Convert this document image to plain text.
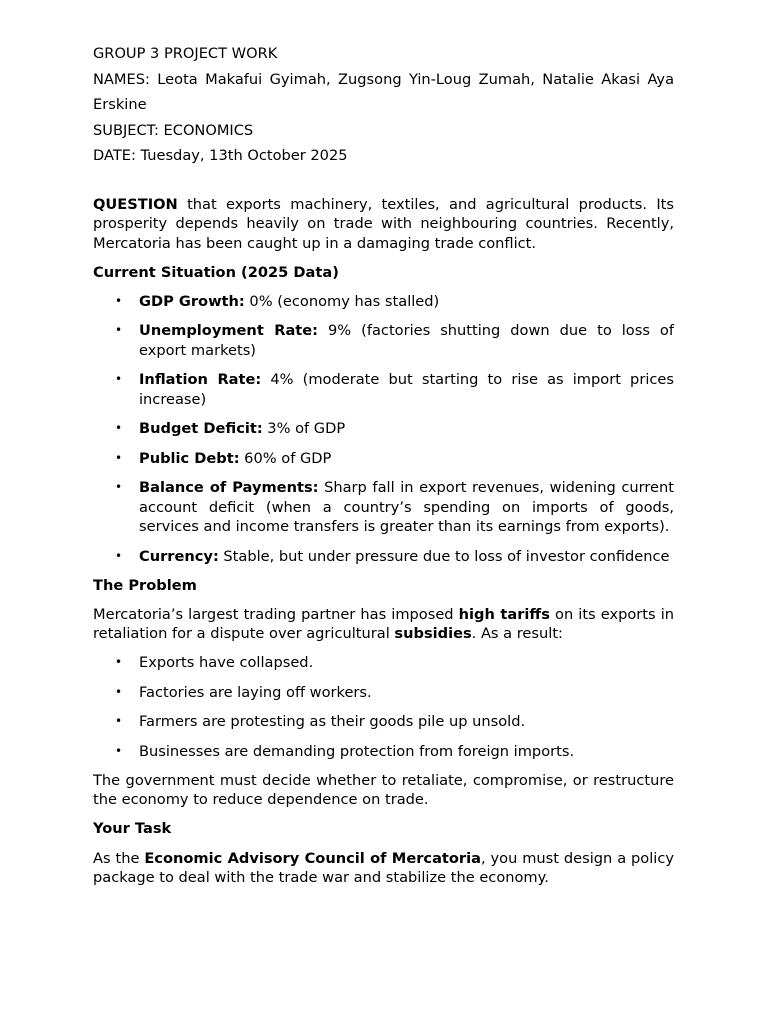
GROUP 3 PROJECT WORK

NAMES: Leota Makafui Gyimah, Zugsong Yin-Loug Zumah, Natalie Akasi Aya Erskine

SUBJECT: ECONOMICS

DATE: Tuesday, 13th October 2025

QUESTION that exports machinery, textiles, and agricultural products. Its prosperity depends heavily on trade with neighbouring countries. Recently, Mercatoria has been caught up in a damaging trade conflict.

Current Situation (2025 Data)

• GDP Growth: 0% (economy has stalled)
• Unemployment Rate: 9% (factories shutting down due to loss of export markets)
• Inflation Rate: 4% (moderate but starting to rise as import prices increase)
• Budget Deficit: 3% of GDP
• Public Debt: 60% of GDP
• Balance of Payments: Sharp fall in export revenues, widening current account deficit (when a country’s spending on imports of goods, services and income transfers is greater than its earnings from exports).
• Currency: Stable, but under pressure due to loss of investor confidence

The Problem

Mercatoria’s largest trading partner has imposed high tariffs on its exports in retaliation for a dispute over agricultural subsidies. As a result:

• Exports have collapsed.
• Factories are laying off workers.
• Farmers are protesting as their goods pile up unsold.
• Businesses are demanding protection from foreign imports.

The government must decide whether to retaliate, compromise, or restructure the economy to reduce dependence on trade.

Your Task

As the Economic Advisory Council of Mercatoria, you must design a policy package to deal with the trade war and stabilize the economy.
